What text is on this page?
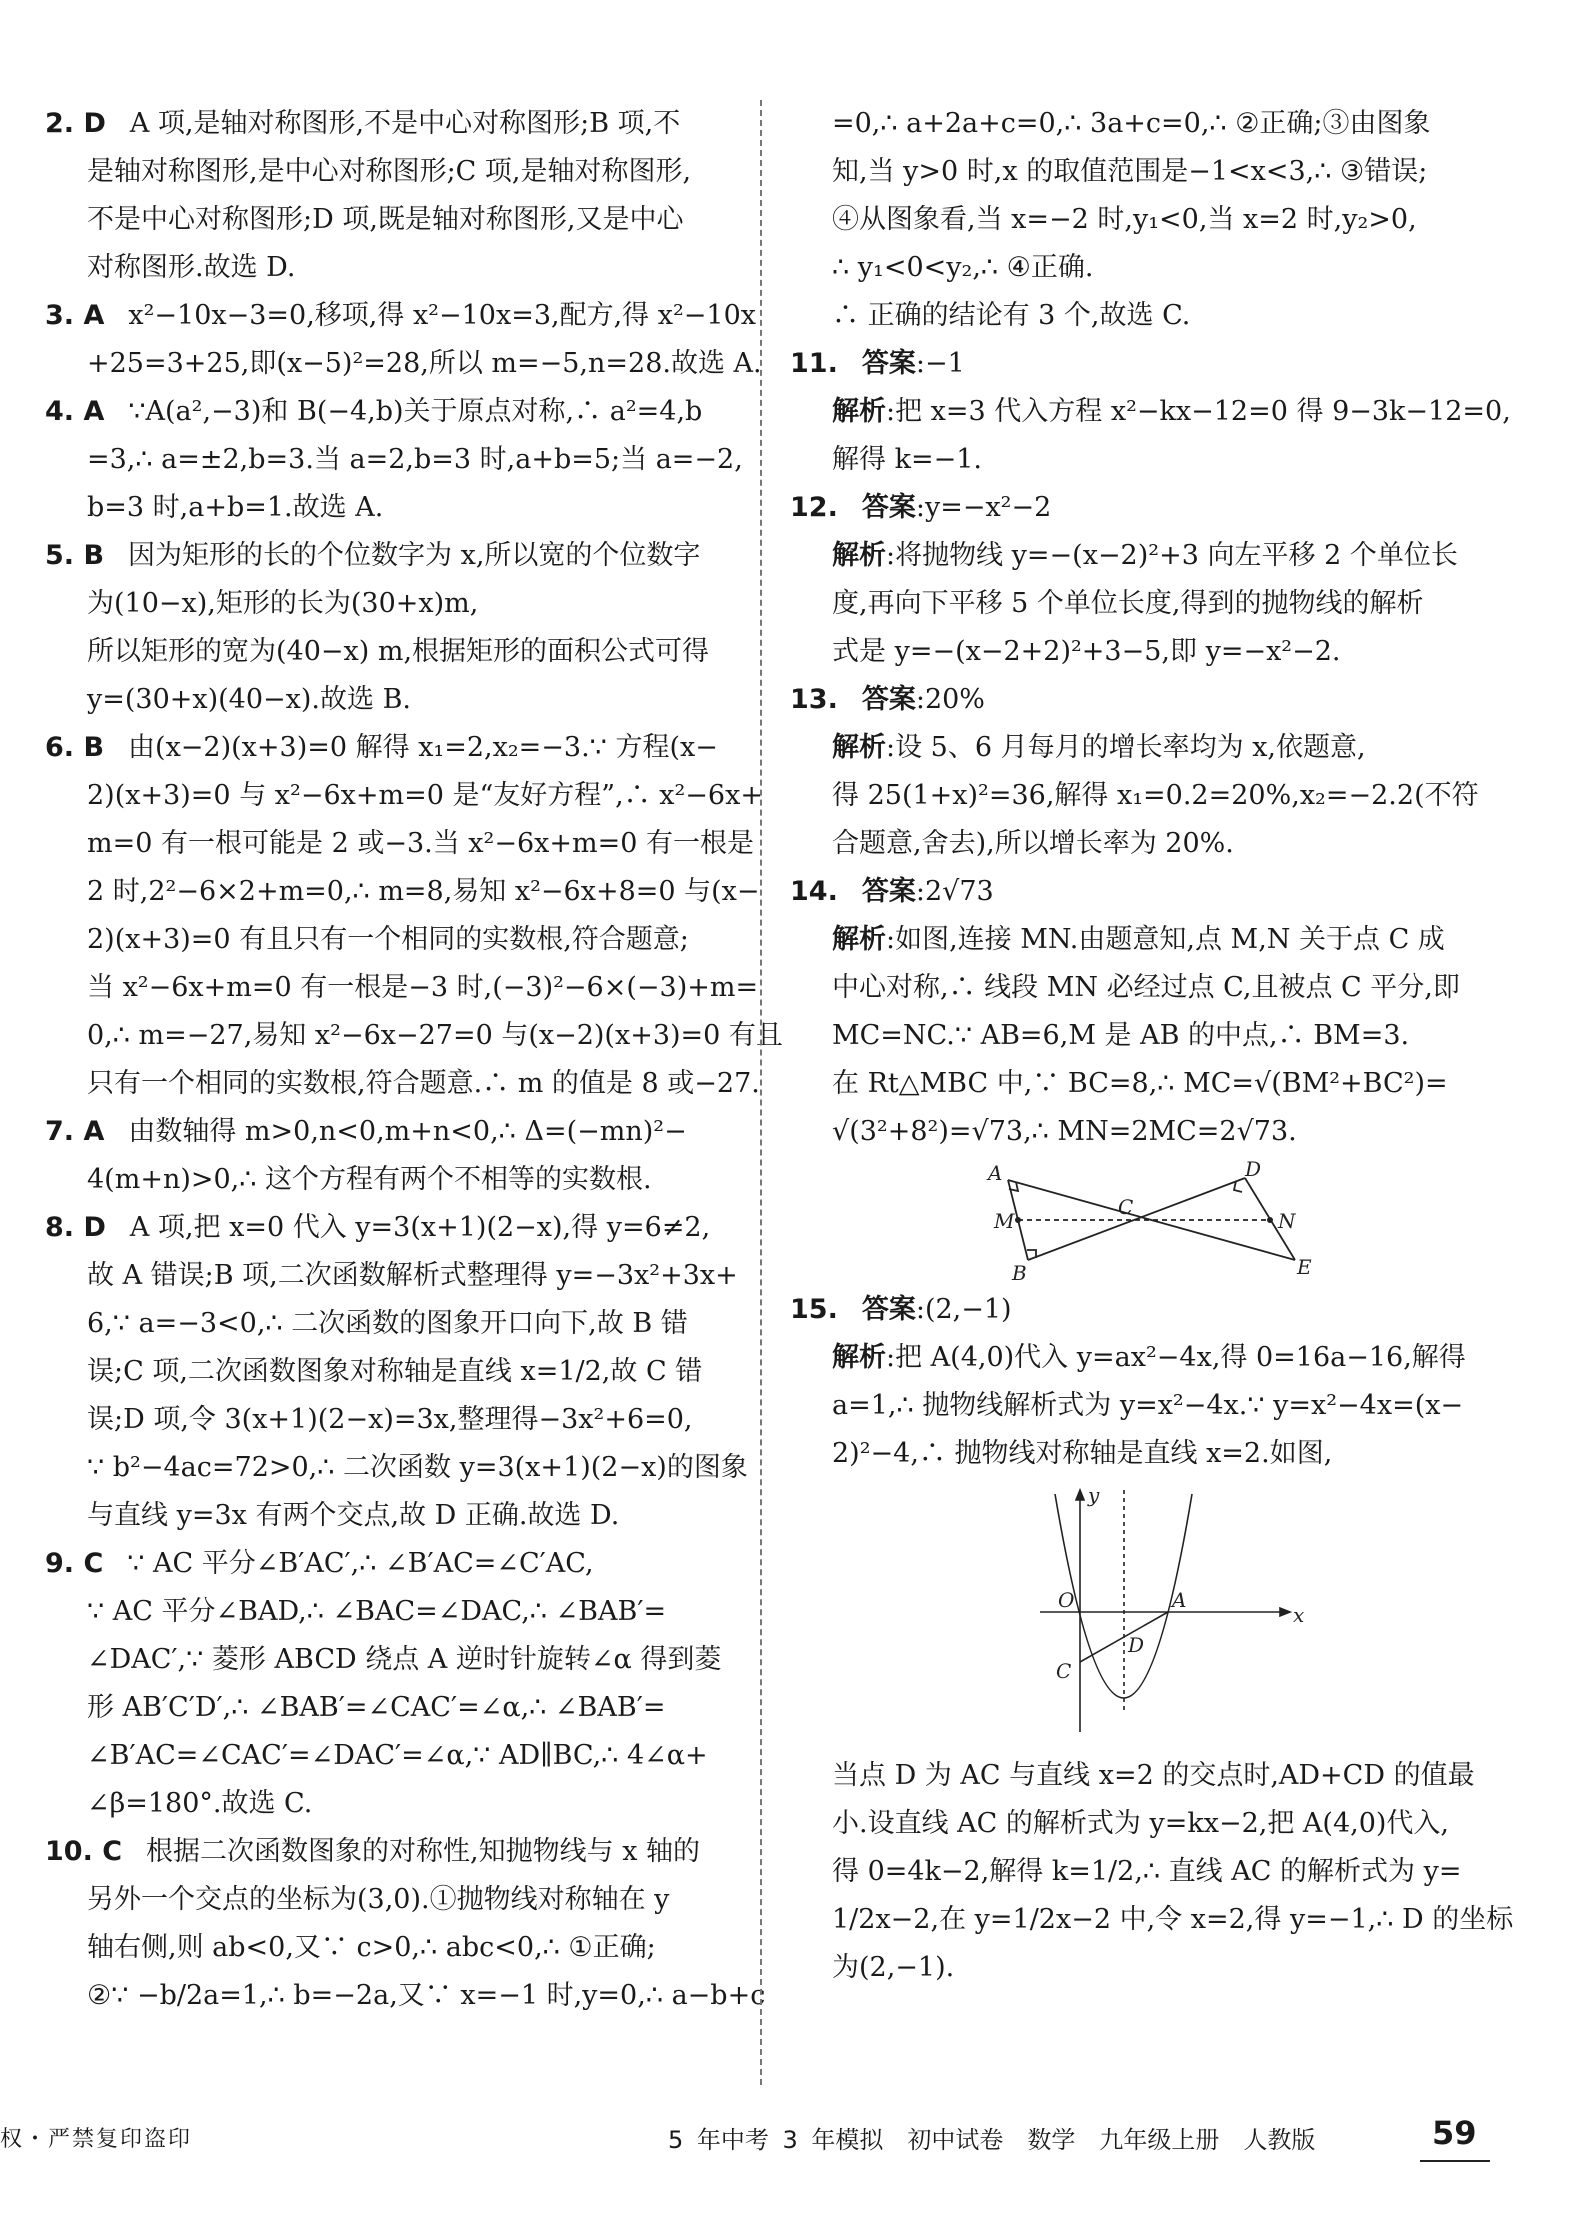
2. D A 项,是轴对称图形,不是中心对称图形;B 项,不
是轴对称图形,是中心对称图形;C 项,是轴对称图形,
不是中心对称图形;D 项,既是轴对称图形,又是中心
对称图形.故选 D.
3. A x²−10x−3=0,移项,得 x²−10x=3,配方,得 x²−10x
+25=3+25,即(x−5)²=28,所以 m=−5,n=28.故选 A.
4. A ∵A(a²,−3)和 B(−4,b)关于原点对称,∴ a²=4,b
=3,∴ a=±2,b=3.当 a=2,b=3 时,a+b=5;当 a=−2,
b=3 时,a+b=1.故选 A.
5. B 因为矩形的长的个位数字为 x,所以宽的个位数字
为(10−x),矩形的长为(30+x)m,
所以矩形的宽为(40−x) m,根据矩形的面积公式可得
y=(30+x)(40−x).故选 B.
6. B 由(x−2)(x+3)=0 解得 x₁=2,x₂=−3.∵ 方程(x−
2)(x+3)=0 与 x²−6x+m=0 是“友好方程”,∴ x²−6x+
m=0 有一根可能是 2 或−3.当 x²−6x+m=0 有一根是
2 时,2²−6×2+m=0,∴ m=8,易知 x²−6x+8=0 与(x−
2)(x+3)=0 有且只有一个相同的实数根,符合题意;
当 x²−6x+m=0 有一根是−3 时,(−3)²−6×(−3)+m=
0,∴ m=−27,易知 x²−6x−27=0 与(x−2)(x+3)=0 有且
只有一个相同的实数根,符合题意.∴ m 的值是 8 或−27.
7. A 由数轴得 m>0,n<0,m+n<0,∴ Δ=(−mn)²−
4(m+n)>0,∴ 这个方程有两个不相等的实数根.
8. D A 项,把 x=0 代入 y=3(x+1)(2−x),得 y=6≠2,
故 A 错误;B 项,二次函数解析式整理得 y=−3x²+3x+
6,∵ a=−3<0,∴ 二次函数的图象开口向下,故 B 错
误;C 项,二次函数图象对称轴是直线 x=1/2,故 C 错
误;D 项,令 3(x+1)(2−x)=3x,整理得−3x²+6=0,
∵ b²−4ac=72>0,∴ 二次函数 y=3(x+1)(2−x)的图象
与直线 y=3x 有两个交点,故 D 正确.故选 D.
9. C ∵ AC 平分∠B′AC′,∴ ∠B′AC=∠C′AC,
∵ AC 平分∠BAD,∴ ∠BAC=∠DAC,∴ ∠BAB′=
∠DAC′,∵ 菱形 ABCD 绕点 A 逆时针旋转∠α 得到菱
形 AB′C′D′,∴ ∠BAB′=∠CAC′=∠α,∴ ∠BAB′=
∠B′AC=∠CAC′=∠DAC′=∠α,∵ AD∥BC,∴ 4∠α+
∠β=180°.故选 C.
10. C 根据二次函数图象的对称性,知抛物线与 x 轴的
另外一个交点的坐标为(3,0).①抛物线对称轴在 y
轴右侧,则 ab<0,又∵ c>0,∴ abc<0,∴ ①正确;
②∵ −b/2a=1,∴ b=−2a,又∵ x=−1 时,y=0,∴ a−b+c
=0,∴ a+2a+c=0,∴ 3a+c=0,∴ ②正确;③由图象
知,当 y>0 时,x 的取值范围是−1<x<3,∴ ③错误;
④从图象看,当 x=−2 时,y₁<0,当 x=2 时,y₂>0,
∴ y₁<0<y₂,∴ ④正确.
∴ 正确的结论有 3 个,故选 C.
11. 答案:−1
解析:把 x=3 代入方程 x²−kx−12=0 得 9−3k−12=0,
解得 k=−1.
12. 答案:y=−x²−2
解析:将抛物线 y=−(x−2)²+3 向左平移 2 个单位长
度,再向下平移 5 个单位长度,得到的抛物线的解析
式是 y=−(x−2+2)²+3−5,即 y=−x²−2.
13. 答案:20%
解析:设 5、6 月每月的增长率均为 x,依题意,
得 25(1+x)²=36,解得 x₁=0.2=20%,x₂=−2.2(不符
合题意,舍去),所以增长率为 20%.
14. 答案:2√73
解析:如图,连接 MN.由题意知,点 M,N 关于点 C 成
中心对称,∴ 线段 MN 必经过点 C,且被点 C 平分,即
MC=NC.∵ AB=6,M 是 AB 的中点,∴ BM=3.
在 Rt△MBC 中,∵ BC=8,∴ MC=√(BM²+BC²)=
√(3²+8²)=√73,∴ MN=2MC=2√73.
A
B
C
D
E
M	N
15. 答案:(2,−1)
解析:把 A(4,0)代入 y=ax²−4x,得 0=16a−16,解得
a=1,∴ 抛物线解析式为 y=x²−4x.∵ y=x²−4x=(x−
2)²−4,∴ 抛物线对称轴是直线 x=2.如图,
y
x
O	A
C
D
当点 D 为 AC 与直线 x=2 的交点时,AD+CD 的值最
小.设直线 AC 的解析式为 y=kx−2,把 A(4,0)代入,
得 0=4k−2,解得 k=1/2,∴ 直线 AC 的解析式为 y=
1/2x−2,在 y=1/2x−2 中,令 x=2,得 y=−1,∴ D 的坐标
为(2,−1).
权・严禁复印盗印	5 年中考 3 年模拟　初中试卷　数学　九年级上册　人教版	59
